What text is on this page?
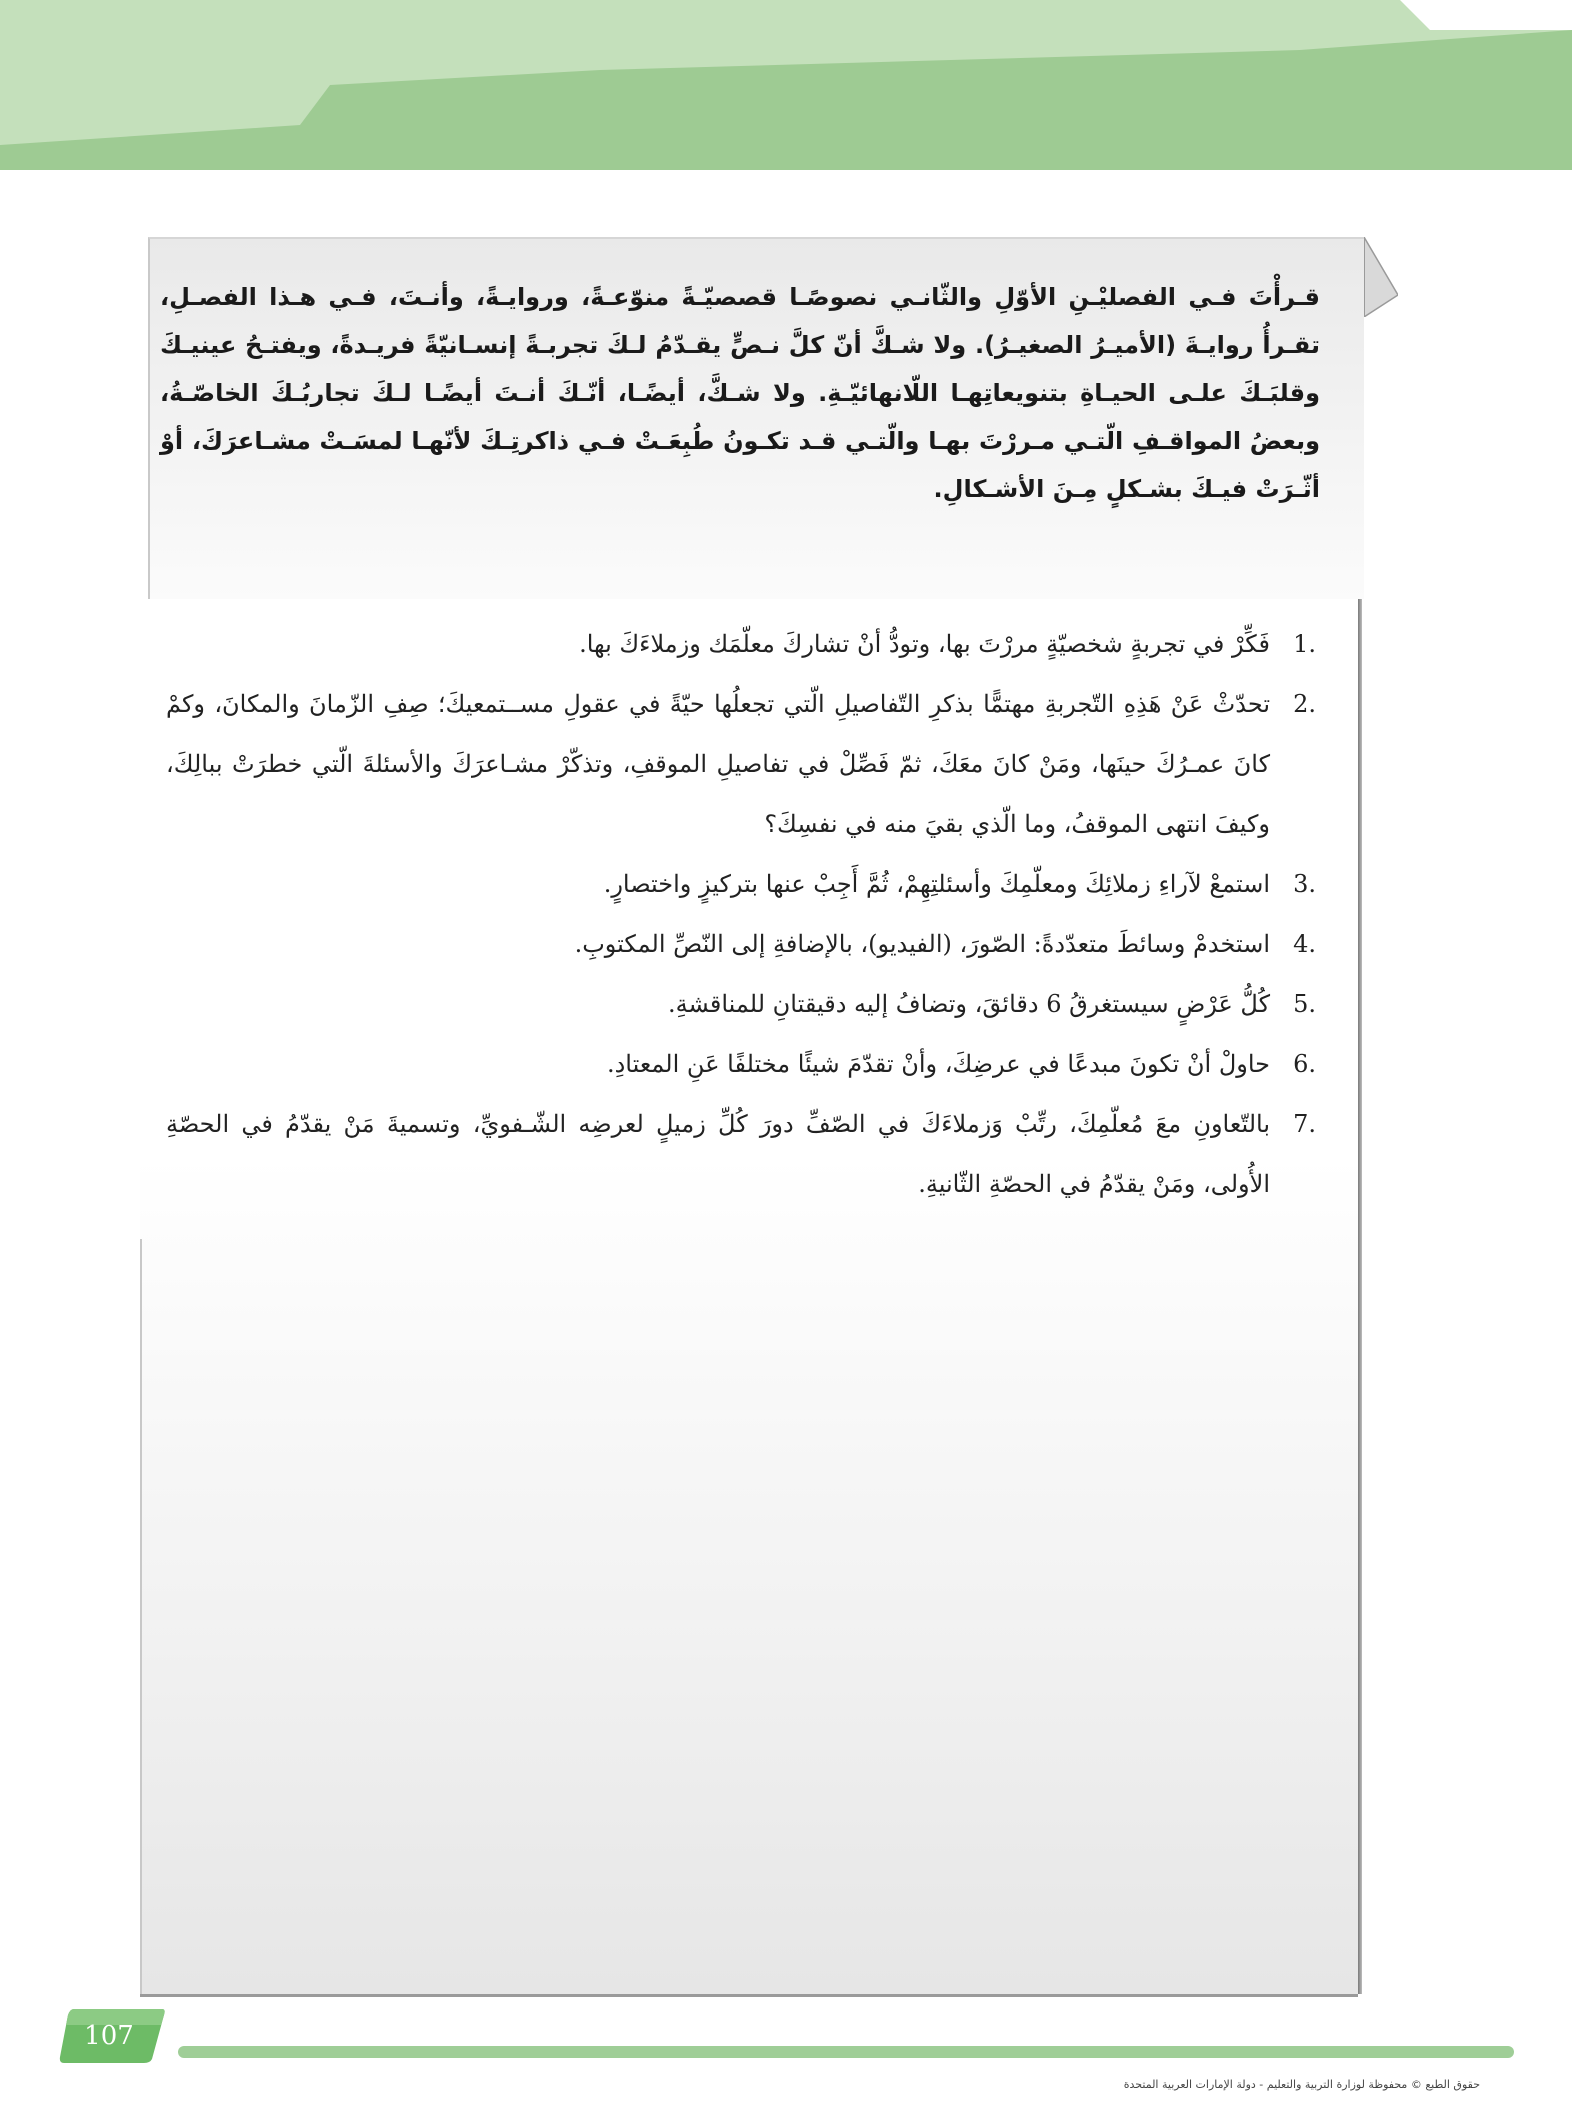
قـرأْتَ فـي الفصليْـنِ الأوّلِ والثّانـي نصوصًـا قصصيّـةً منوّعـةً، وروايـةً، وأنـتَ، فـي هـذا الفصـلِ، تقـرأُ روايـةَ (الأميـرُ الصغيـرُ). ولا شـكَّ أنّ كلَّ نـصٍّ يقـدّمُ لـكَ تجربـةً إنسـانيّةً فريـدةً، ويفتـحُ عينيـكَ وقلبَـكَ علـى الحيـاةِ بتنويعاتِهـا اللّانهائيّـةِ. ولا شـكَّ، أيضًـا، أنّـكَ أنـتَ أيضًـا لـكَ تجاربُـكَ الخاصّـةُ، وبعضُ المواقـفِ الّتـي مـررْتَ بهـا والّتـي قـد تكـونُ طُبِعَـتْ فـي ذاكرتِـكَ لأنّهـا لمسَـتْ مشـاعرَكَ، أوْ أثّـرَتْ فيـكَ بشـكلٍ مِـنَ الأشـكالِ.
1.
فَكِّرْ في تجربةٍ شخصيّةٍ مررْتَ بها، وتودُّ أنْ تشاركَ معلّمَك وزملاءَكَ بها.
2.
تحدّثْ عَنْ هَذِهِ التّجربةِ مهتمًّا بذكرِ التّفاصيلِ الّتي تجعلُها حيّةً في عقولِ مســتمعيكَ؛ صِفِ الزّمانَ والمكانَ، وكمْ كانَ عمـرُكَ حينَها، ومَنْ كانَ معَكَ، ثمّ فَصِّلْ في تفاصيلِ الموقفِ، وتذكّرْ مشـاعرَكَ والأسئلةَ الّتي خطرَتْ ببالِكَ، وكيفَ انتهى الموقفُ، وما الّذي بقيَ منه في نفسِكَ؟
3.
استمعْ لآراءِ زملائِكَ ومعلّمِكَ وأسئلتِهِمْ، ثُمَّ أَجِبْ عنها بتركيزٍ واختصارٍ.
4.
استخدمْ وسائطَ متعدّدةً: الصّورَ، (الفيديو)، بالإضافةِ إلى النّصِّ المكتوبِ.
5.
كُلُّ عَرْضٍ سيستغرقُ 6 دقائقَ، وتضافُ إليه دقيقتانِ للمناقشةِ.
6.
حاولْ أنْ تكونَ مبدعًا في عرضِكَ، وأنْ تقدّمَ شيئًا مختلفًا عَنِ المعتادِ.
7.
بالتّعاونِ معَ مُعلّمِكَ، رتِّبْ وَزملاءَكَ في الصّفِّ دورَ كُلِّ زميلٍ لعرضِه الشّـفويِّ، وتسميةَ مَنْ يقدّمُ في الحصّةِ الأُولى، ومَنْ يقدّمُ في الحصّةِ الثّانيةِ.
107
حقوق الطبع © محفوظة لوزارة التربية والتعليم - دولة الإمارات العربية المتحدة
